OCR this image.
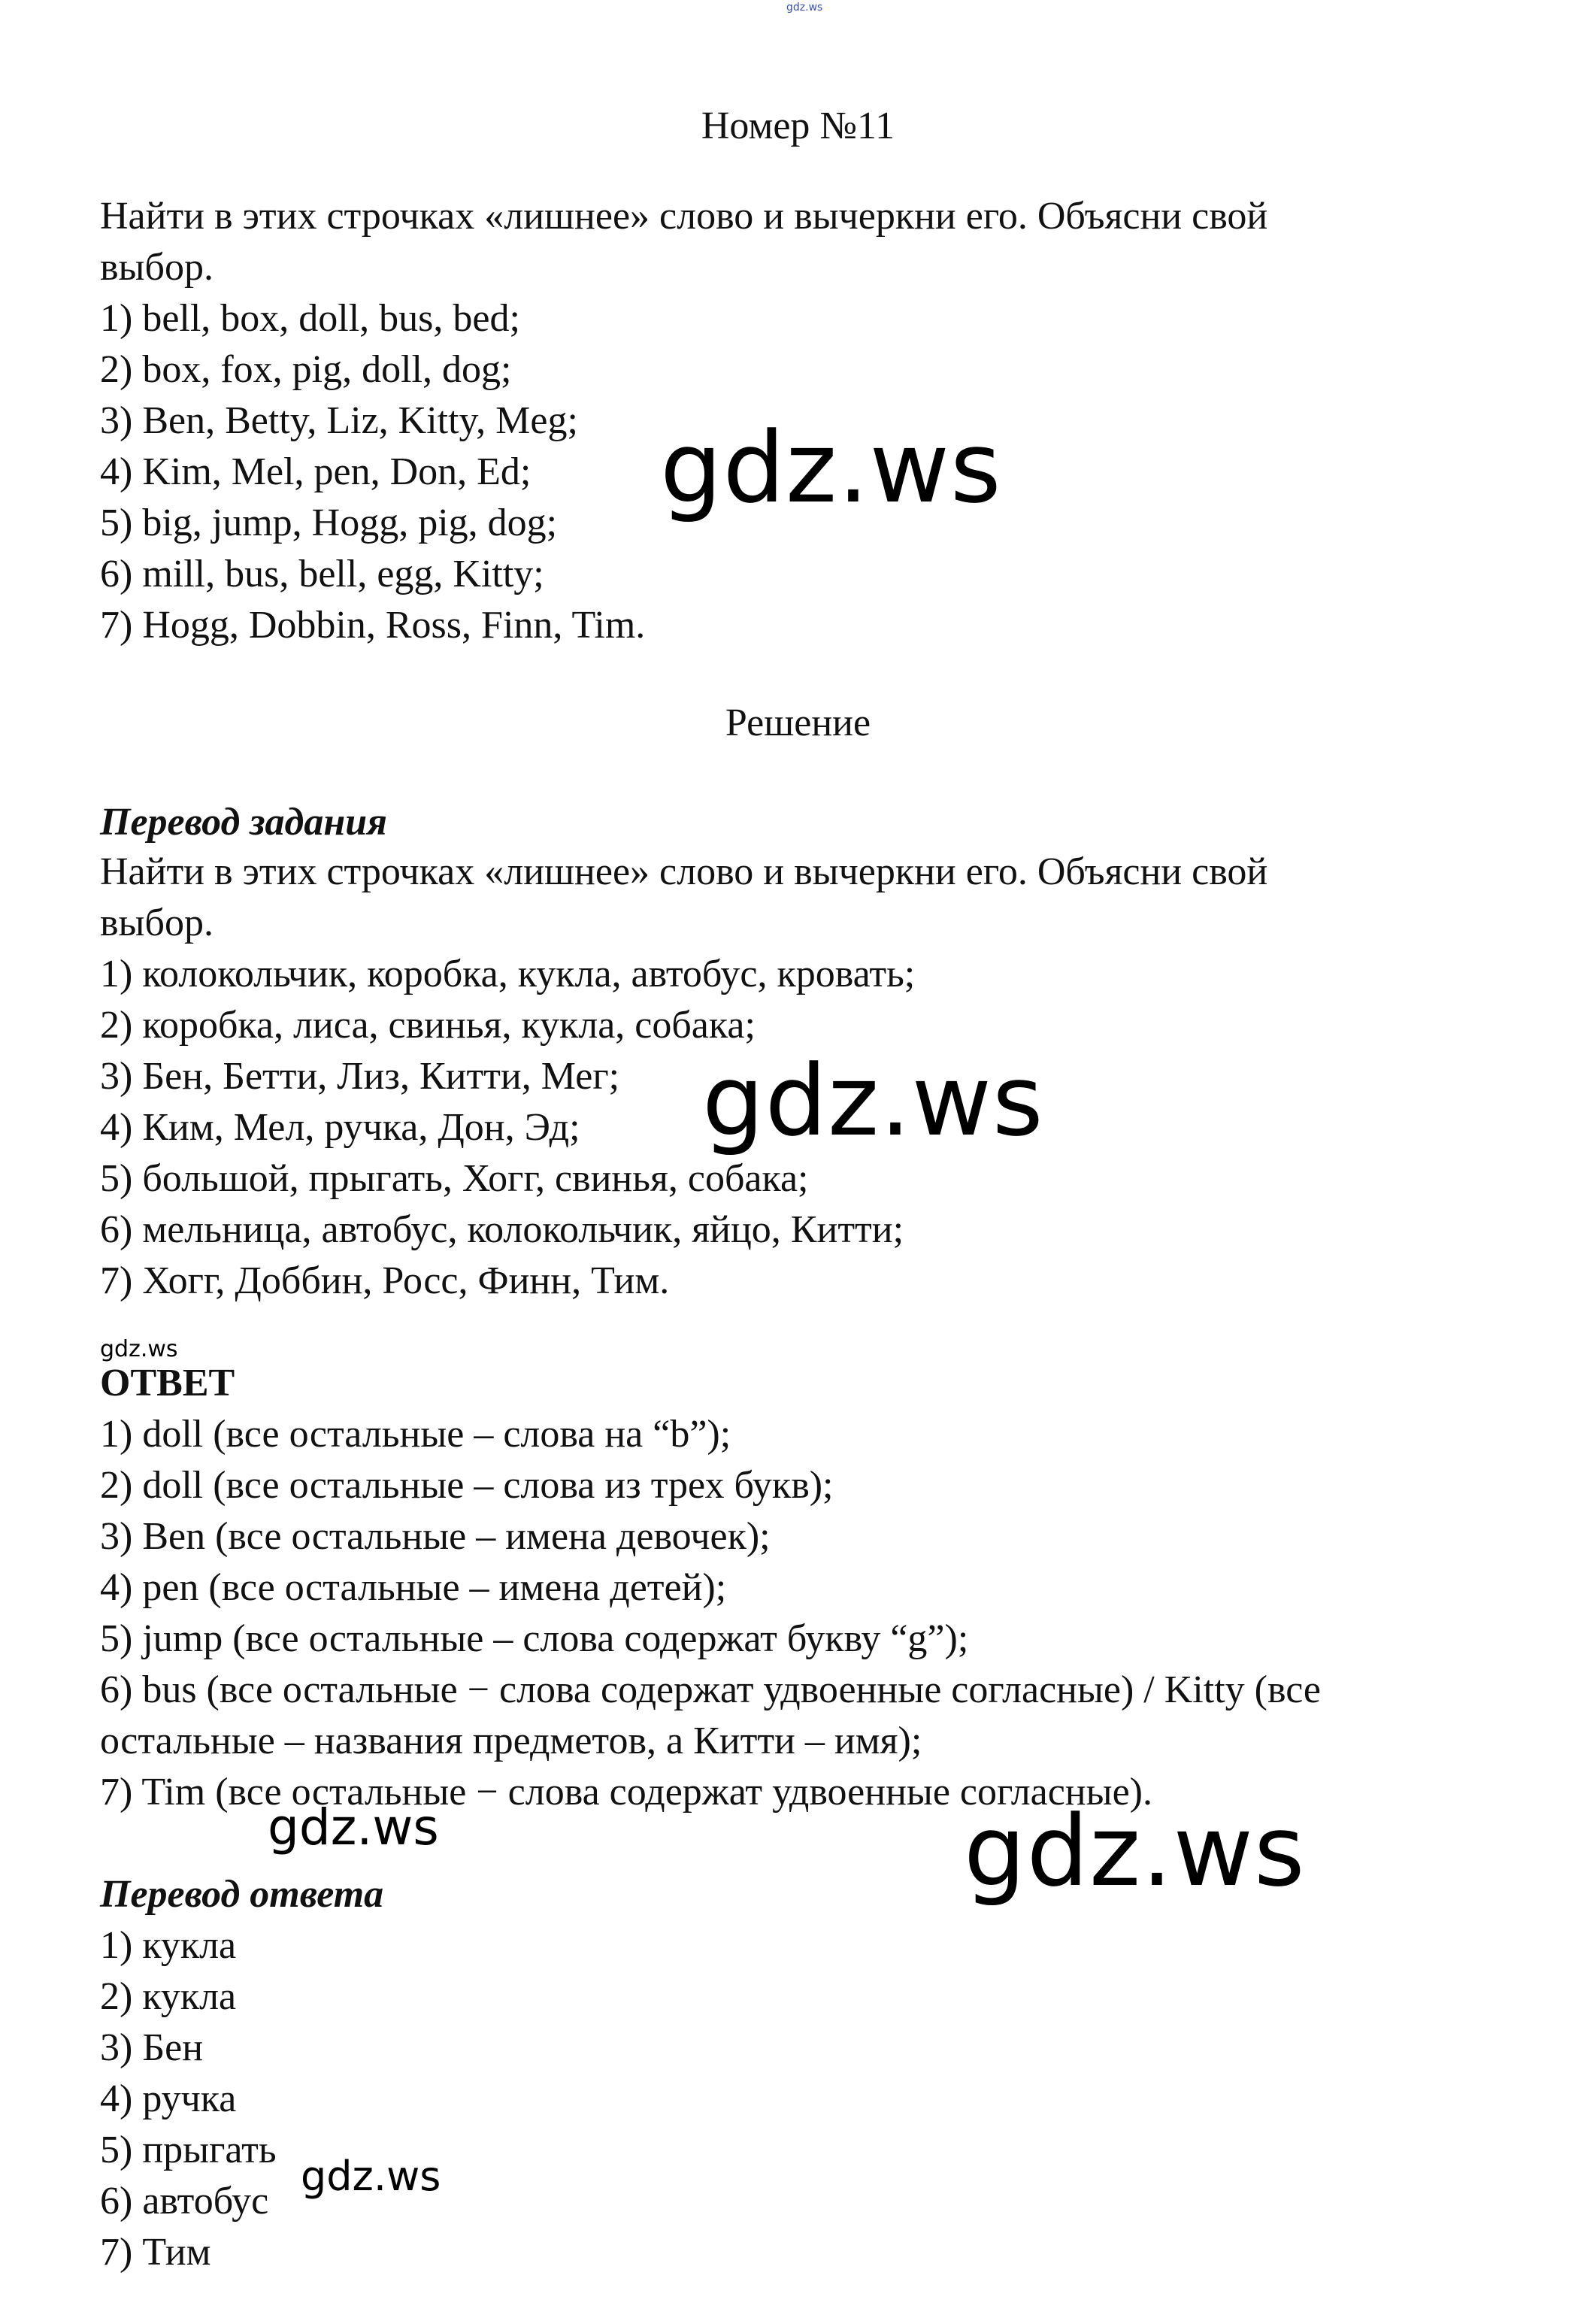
gdz.ws

Номер №11

Найти в этих строчках «лишнее» слово и вычеркни его. Объясни свой

выбор.

1) bell, box, doll, bus, bed;

2) box, fox, pig, doll, dog;

3) Ben, Betty, Liz, Kitty, Meg;

4) Kim, Mel, pen, Don, Ed;

5) big, jump, Hogg, pig, dog;

6) mill, bus, bell, egg, Kitty;

7) Hogg, Dobbin, Ross, Finn, Tim.

Решение

Перевод задания

Найти в этих строчках «лишнее» слово и вычеркни его. Объясни свой

выбор.

1) колокольчик, коробка, кукла, автобус, кровать;

2) коробка, лиса, свинья, кукла, собака;

3) Бен, Бетти, Лиз, Китти, Мег;

4) Ким, Мел, ручка, Дон, Эд;

5) большой, прыгать, Хогг, свинья, собака;

6) мельница, автобус, колокольчик, яйцо, Китти;

7) Хогг, Доббин, Росс, Финн, Тим.

ОТВЕТ

1) doll (все остальные – слова на “b”);

2) doll (все остальные – слова из трех букв);

3) Ben (все остальные – имена девочек);

4) pen (все остальные – имена детей);

5) jump (все остальные – слова содержат букву “g”);

6) bus (все остальные − слова содержат удвоенные согласные) / Kitty (все

остальные – названия предметов, а Китти – имя);

7) Tim (все остальные − слова содержат удвоенные согласные).

Перевод ответа

1) кукла

2) кукла

3) Бен

4) ручка

5) прыгать

6) автобус

7) Тим

gdz.ws

gdz.ws

gdz.ws

gdz.ws	gdz.ws

gdz.ws
